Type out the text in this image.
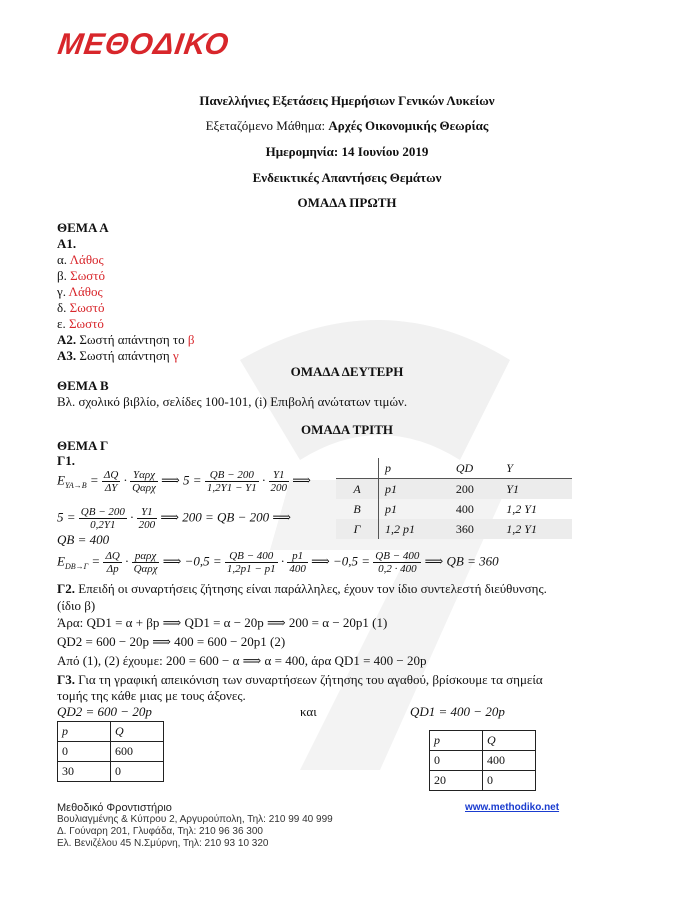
ΜΕΘΟΔΙΚΟ
Πανελλήνιες Εξετάσεις Ημερήσιων Γενικών Λυκείων
Εξεταζόμενο Μάθημα: Αρχές Οικονομικής Θεωρίας
Ημερομηνία: 14 Ιουνίου 2019
Ενδεικτικές Απαντήσεις Θεμάτων
ΟΜΑΔΑ ΠΡΩΤΗ
ΘΕΜΑ Α
Α1.
α. Λάθος
β. Σωστό
γ. Λάθος
δ. Σωστό
ε. Σωστό
Α2. Σωστή απάντηση το β
Α3. Σωστή απάντηση γ
ΟΜΑΔΑ ΔΕΥΤΕΡΗ
ΘΕΜΑ Β
Βλ. σχολικό βιβλίο, σελίδες 100-101, (i) Επιβολή ανώτατων τιμών.
ΟΜΑΔΑ ΤΡΙΤΗ
ΘΕΜΑ Γ
Γ1.
$E_{YA\to B} = \frac{\Delta Q}{\Delta Y} \cdot \frac{\text{Yαρχ}}{\text{Qαρχ}}$ ⟹ $5 = \frac{QB - 200}{1,2Y1 - Y1} \cdot \frac{Y1}{200}$ ⟹
$5 = \frac{QB - 200}{0,2Y1} \cdot \frac{Y1}{200}$ ⟹ 200 = QB − 200 ⟹
QB = 400
$E_{DB\to\Gamma} = \frac{\Delta Q}{\Delta p} \cdot \frac{\text{pαρχ}}{\text{Qαρχ}}$ ⟹ $-0,5 = \frac{QB - 400}{1,2p1 - p1} \cdot \frac{p1}{400}$ ⟹ $-0,5 = \frac{QB - 400}{0,2 \cdot 400}$ ⟹ QB = 360
	p	QD	Y
Α	p1	200	Y1
Β	p1	400	1,2 Y1
Γ	1,2 p1	360	1,2 Y1
Γ2. Επειδή οι συναρτήσεις ζήτησης είναι παράλληλες, έχουν τον ίδιο συντελεστή διεύθυνσης.
(ίδιο β)
Άρα: QD1 = α + βp ⟹ QD1 = α − 20p ⟹ 200 = α − 20p1 (1)
QD2 = 600 − 20p ⟹ 400 = 600 − 20p1 (2)
Από (1), (2) έχουμε: 200 = 600 − α ⟹ α = 400, άρα QD1 = 400 − 20p
Γ3. Για τη γραφική απεικόνιση των συναρτήσεων ζήτησης του αγαθού, βρίσκουμε τα σημεία
τομής της κάθε μιας με τους άξονες.
QD2 = 600 − 20p	και	QD1 = 400 − 20p
p	Q
0	600
30	0
p	Q
0	400
20	0
Μεθοδικό Φροντιστήριο
Βουλιαγμένης & Κύπρου 2, Αργυρούπολη, Τηλ: 210 99 40 999
Δ. Γούναρη 201, Γλυφάδα, Τηλ: 210 96 36 300
Ελ. Βενιζέλου 45 Ν.Σμύρνη, Τηλ: 210 93 10 320
www.methodiko.net
